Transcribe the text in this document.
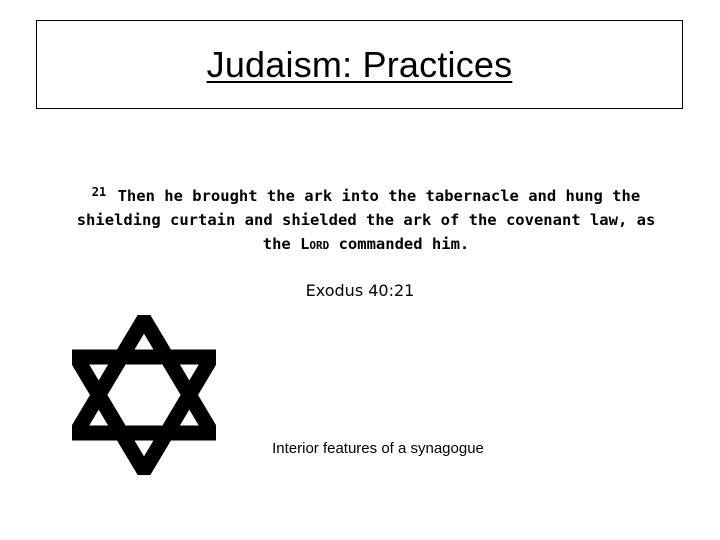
Judaism: Practices
$^{21}$ Then he brought the ark into the tabernacle and hung the shielding curtain and shielded the ark of the covenant law, as the Lord commanded him.
Exodus 40:21
Interior features of a synagogue
